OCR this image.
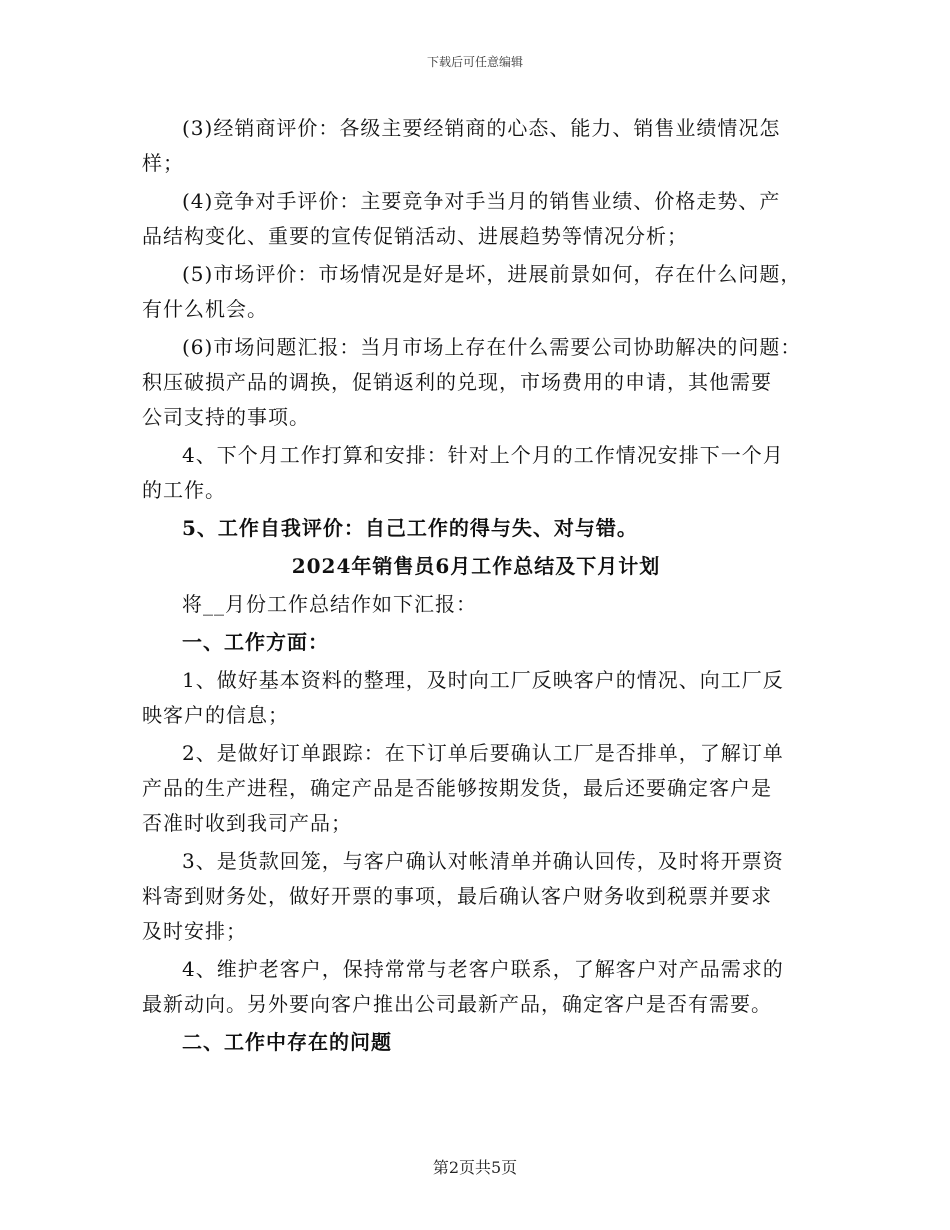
下载后可任意编辑

(3)经销商评价：各级主要经销商的心态、能力、销售业绩情况怎
样；

(4)竞争对手评价：主要竞争对手当月的销售业绩、价格走势、产
品结构变化、重要的宣传促销活动、进展趋势等情况分析；

(5)市场评价：市场情况是好是坏，进展前景如何，存在什么问题，
有什么机会。

(6)市场问题汇报：当月市场上存在什么需要公司协助解决的问题：
积压破损产品的调换，促销返利的兑现，市场费用的申请，其他需要
公司支持的事项。

4、下个月工作打算和安排：针对上个月的工作情况安排下一个月
的工作。

5、工作自我评价：自己工作的得与失、对与错。

2024年销售员6月工作总结及下月计划

将__月份工作总结作如下汇报：

一、工作方面：

1、做好基本资料的整理，及时向工厂反映客户的情况、向工厂反
映客户的信息；

2、是做好订单跟踪：在下订单后要确认工厂是否排单，了解订单
产品的生产进程，确定产品是否能够按期发货，最后还要确定客户是
否准时收到我司产品；

3、是货款回笼，与客户确认对帐清单并确认回传，及时将开票资
料寄到财务处，做好开票的事项，最后确认客户财务收到税票并要求
及时安排；

4、维护老客户，保持常常与老客户联系，了解客户对产品需求的
最新动向。另外要向客户推出公司最新产品，确定客户是否有需要。

二、工作中存在的问题

第2页共5页
